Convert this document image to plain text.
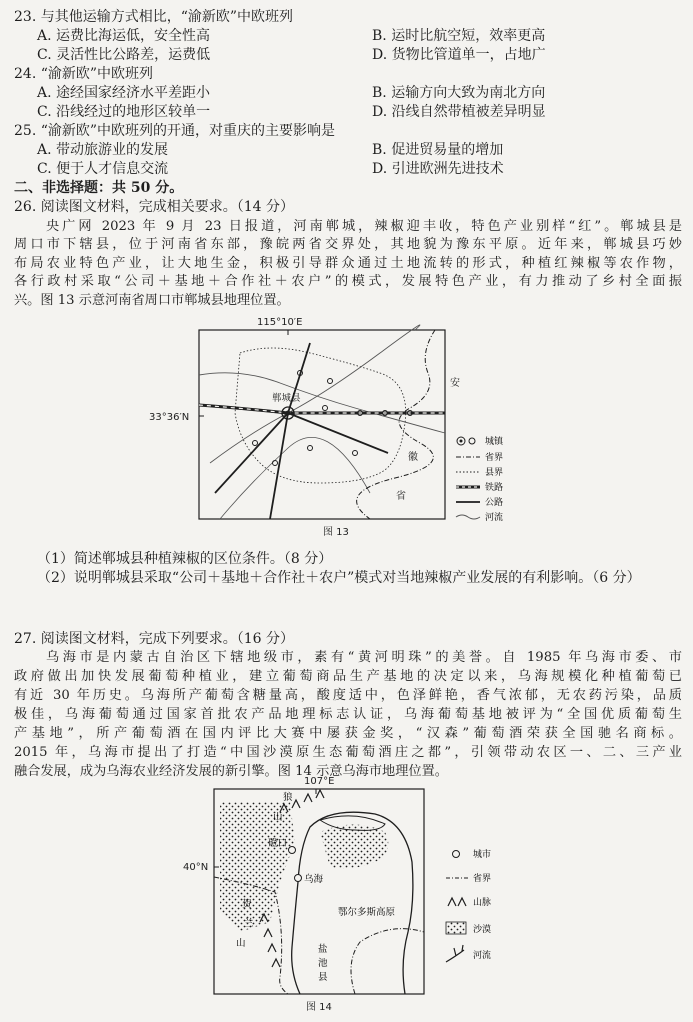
23. 与其他运输方式相比，“渝新欧”中欧班列
A. 运费比海运低，安全性高	B. 运时比航空短，效率更高
C. 灵活性比公路差，运费低	D. 货物比管道单一，占地广
24. “渝新欧”中欧班列
A. 途经国家经济水平差距小	B. 运输方向大致为南北方向
C. 沿线经过的地形区较单一	D. 沿线自然带植被差异明显
25. “渝新欧”中欧班列的开通，对重庆的主要影响是
A. 带动旅游业的发展	B. 促进贸易量的增加
C. 便于人才信息交流	D. 引进欧洲先进技术
二、非选择题：共 50 分。
26. 阅读图文材料，完成相关要求。（14 分）
央广网 2023 年 9 月 23 日报道，河南郸城，辣椒迎丰收，特色产业别样“红”。郸城县是
周口市下辖县，位于河南省东部，豫皖两省交界处，其地貌为豫东平原。近年来，郸城县巧妙
布局农业特色产业，让大地生金，积极引导群众通过土地流转的形式，种植红辣椒等农作物，
各行政村采取“公司＋基地＋合作社＋农户”的模式，发展特色产业，有力推动了乡村全面振
兴。图 13 示意河南省周口市郸城县地理位置。
115°10′E
33°36′N
郸城县
安
徽
省
城镇
省界
县界
铁路
公路
河流
图 13
（1）简述郸城县种植辣椒的区位条件。（8 分）
（2）说明郸城县采取“公司＋基地＋合作社＋农户”模式对当地辣椒产业发展的有利影响。（6 分）
27. 阅读图文材料，完成下列要求。（16 分）
乌海市是内蒙古自治区下辖地级市，素有“黄河明珠”的美誉。自 1985 年乌海市委、市
政府做出加快发展葡萄种植业，建立葡萄商品生产基地的决定以来，乌海规模化种植葡萄已
有近 30 年历史。乌海所产葡萄含糖量高，酸度适中，色泽鲜艳，香气浓郁，无农药污染，品质
极佳，乌海葡萄通过国家首批农产品地理标志认证，乌海葡萄基地被评为“全国优质葡萄生
产基地”，所产葡萄酒在国内评比大赛中屡获金奖，“汉森”葡萄酒荣获全国驰名商标。
2015 年，乌海市提出了打造“中国沙漠原生态葡萄酒庄之都”，引领带动农区一、二、三产业
融合发展，成为乌海农业经济发展的新引擎。图 14 示意乌海市地理位置。
107°E
40°N
狼
山
磴口
乌海
贺
兰
山
鄂尔多斯高原
盐
池
县
城市
省界
山脉
沙漠
河流
图 14
